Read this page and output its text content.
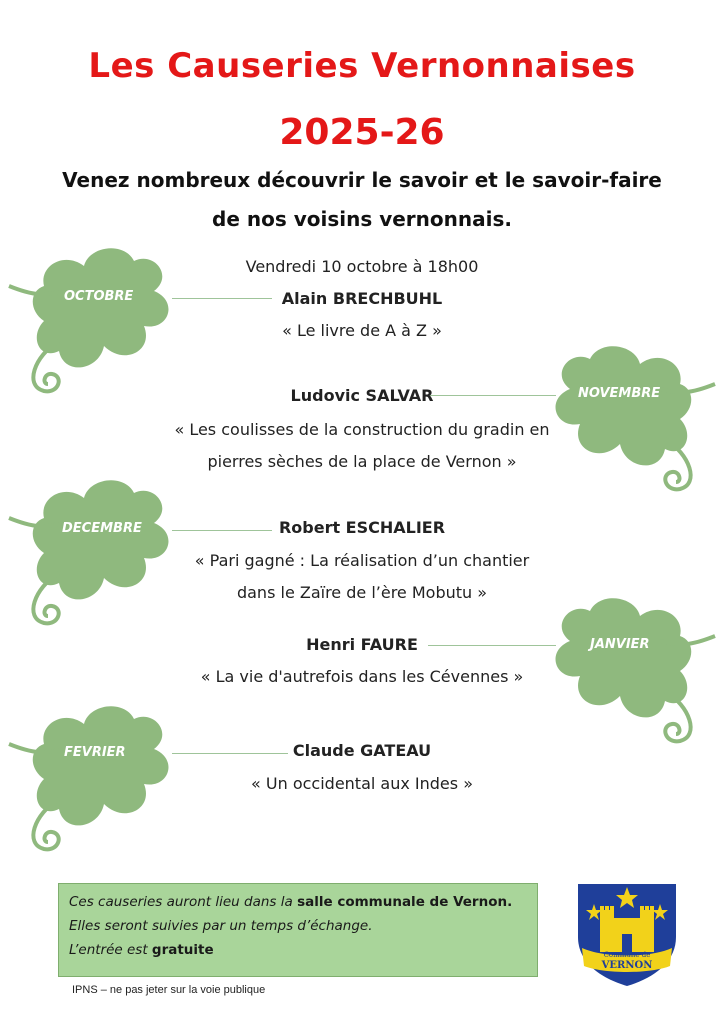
Les Causeries Vernonnaises
2025-26
Venez nombreux découvrir le savoir et le savoir-faire
de nos voisins vernonnais.
OCTOBRE
Vendredi 10 octobre à 18h00
Alain BRECHBUHL
« Le livre de A à Z »
NOVEMBRE
Ludovic SALVAR
« Les coulisses de la construction du gradin en
pierres sèches de la place de Vernon »
DECEMBRE	Robert ESCHALIER
« Pari gagné : La réalisation d’un chantier
dans le Zaïre de l’ère Mobutu »
JANVIER
Henri FAURE
« La vie d'autrefois dans les Cévennes »
FEVRIER	Claude GATEAU
« Un occidental aux Indes »

Ces causeries auront lieu dans la salle communale de Vernon.

Elles seront suivies par un temps d’échange.

L’entrée est gratuite	Commune de
VERNON
IPNS – ne pas jeter sur la voie publique
